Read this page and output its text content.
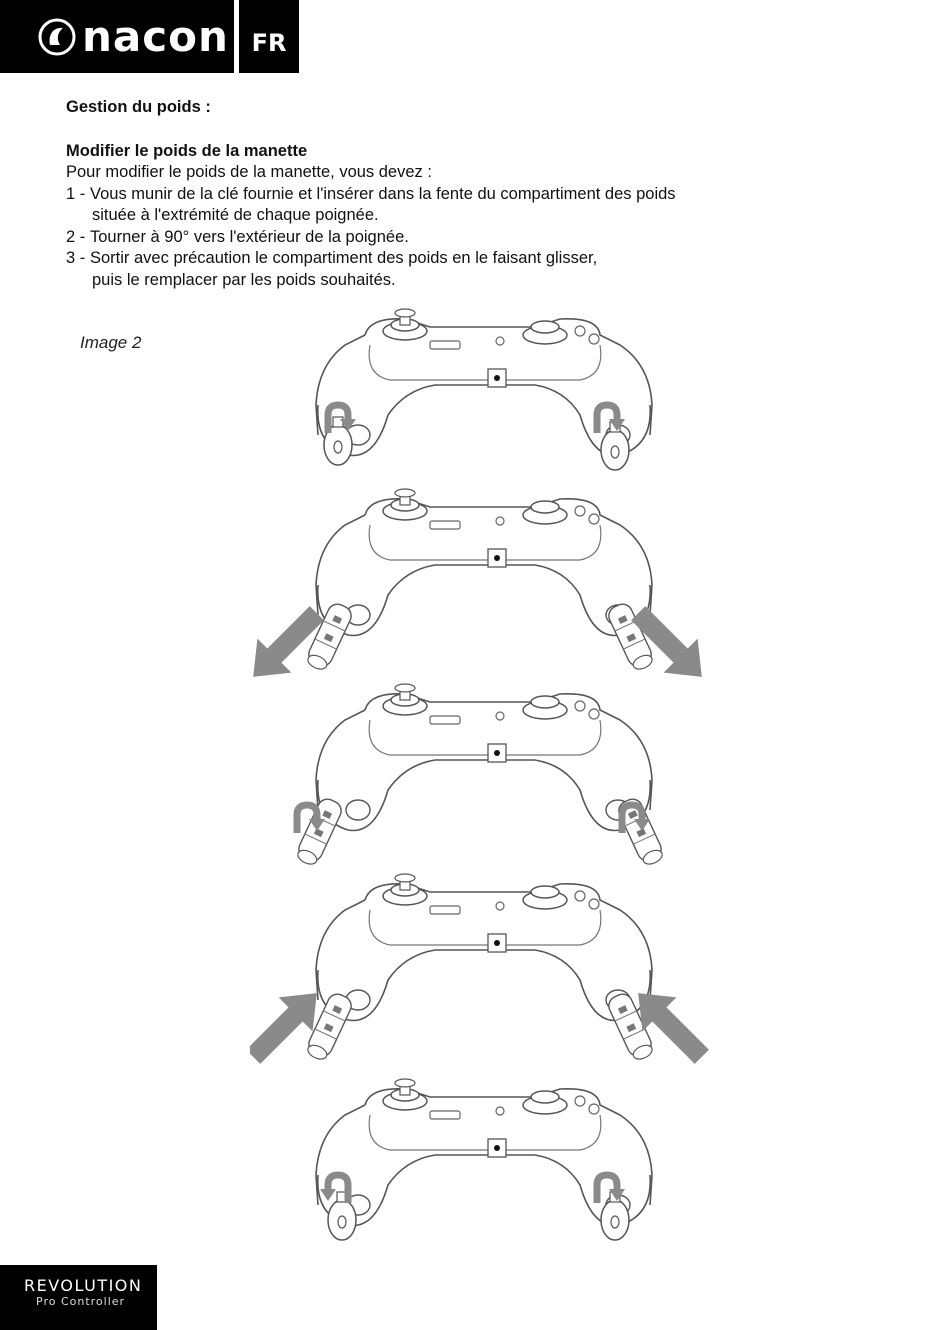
nacon FR

Gestion du poids :

Modifier le poids de la manette

Pour modifier le poids de la manette, vous devez :

1 - Vous munir de la clé fournie et l'insérer dans la fente du compartiment des poids
située à l'extrémité de chaque poignée.
2 - Tourner à 90° vers l'extérieur de la poignée.
3 - Sortir avec précaution le compartiment des poids en le faisant glisser,
puis le remplacer par les poids souhaités.
Image 2
REVOLUTION
Pro Controller
